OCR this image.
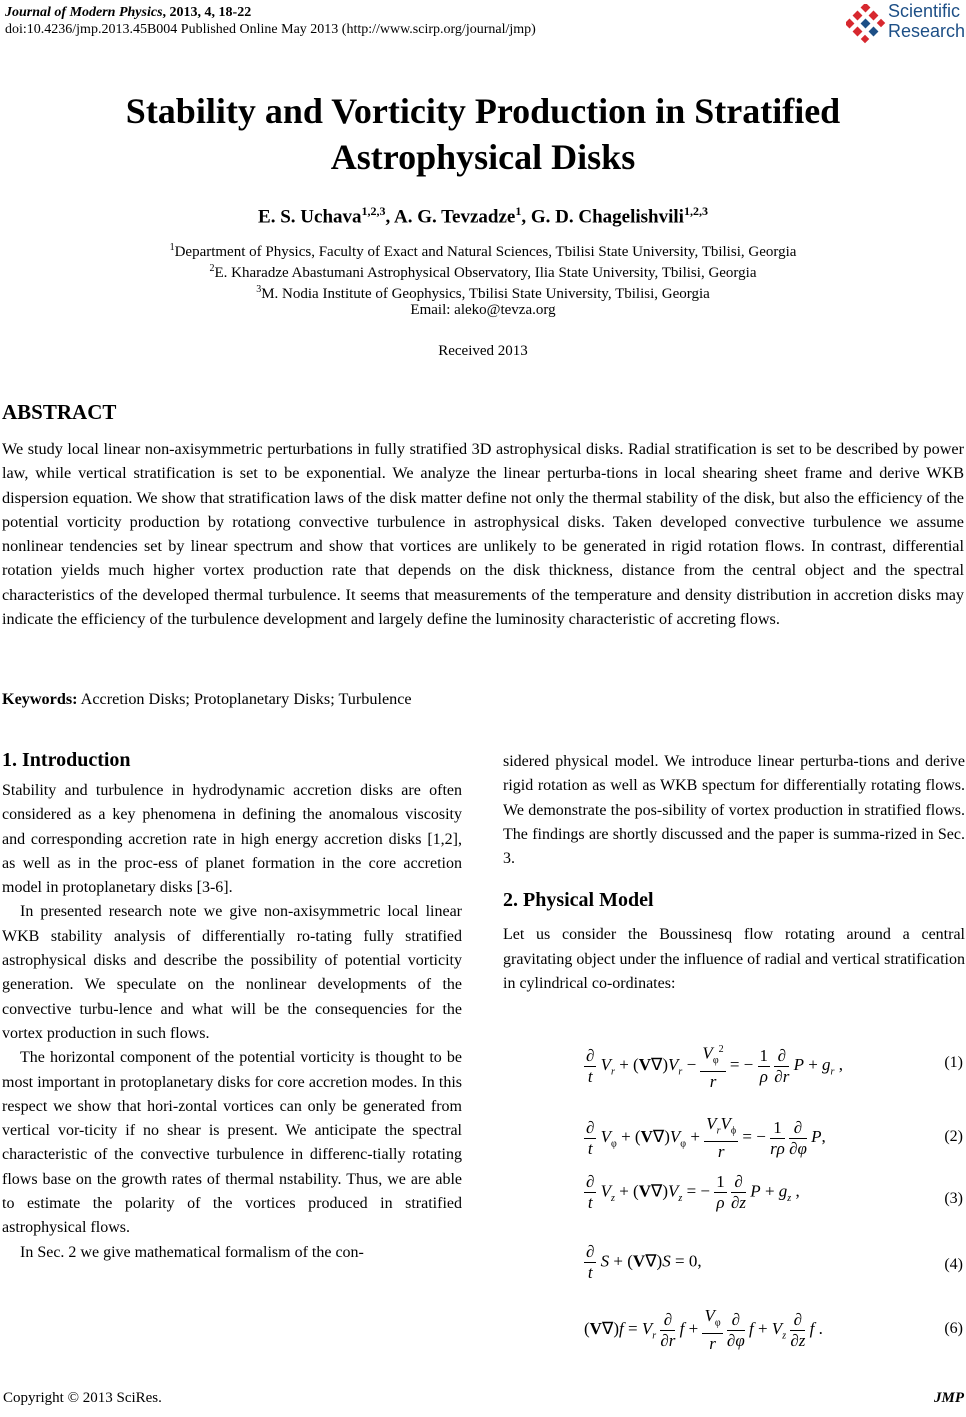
Journal of Modern Physics, 2013, 4, 18-22
doi:10.4236/jmp.2013.45B004 Published Online May 2013 (http://www.scirp.org/journal/jmp)
Scientific
Research
Stability and Vorticity Production in Stratified Astrophysical Disks
E. S. Uchava$^{1,2,3}$, A. G. Tevzadze$^1$, G. D. Chagelishvili$^{1,2,3}$
$^1$Department of Physics, Faculty of Exact and Natural Sciences, Tbilisi State University, Tbilisi, Georgia
$^2$E. Kharadze Abastumani Astrophysical Observatory, Ilia State University, Tbilisi, Georgia
$^3$M. Nodia Institute of Geophysics, Tbilisi State University, Tbilisi, Georgia
Email: aleko@tevza.org
Received 2013
ABSTRACT

We study local linear non-axisymmetric perturbations in fully stratified 3D astrophysical disks. Radial stratification is set to be described by power law, while vertical stratification is set to be exponential. We analyze the linear perturba-tions in local shearing sheet frame and derive WKB dispersion equation. We show that stratification laws of the disk matter define not only the thermal stability of the disk, but also the efficiency of the potential vorticity production by rotationg convective turbulence in astrophysical disks. Taken developed convective turbulence we assume nonlinear tendencies set by linear spectrum and show that vortices are unlikely to be generated in rigid rotation flows. In contrast, differential rotation yields much higher vortex production rate that depends on the disk thickness, distance from the central object and the spectral characteristics of the developed thermal turbulence. It seems that measurements of the temperature and density distribution in accretion disks may indicate the efficiency of the turbulence development and largely define the luminosity characteristic of accreting flows.

Keywords: Accretion Disks; Protoplanetary Disks; Turbulence
1. Introduction

Stability and turbulence in hydrodynamic accretion disks are often considered as a key phenomena in defining the anomalous viscosity and corresponding accretion rate in high energy accretion disks [1,2], as well as in the proc-ess of planet formation in the core accretion model in protoplanetary disks [3-6].

In presented research note we give non-axisymmetric local linear WKB stability analysis of differentially ro-tating fully stratified astrophysical disks and describe the possibility of potential vorticity generation. We speculate on the nonlinear developments of the convective turbu-lence and what will be the consequencies for the vortex production in such flows.

The horizontal component of the potential vorticity is thought to be most important in protoplanetary disks for core accretion modes. In this respect we show that hori-zontal vortices can only be generated from vertical vor-ticity if no shear is present. We anticipate the spectral characteristic of the convective turbulence in differenc-tially rotating flows base on the growth rates of thermal nstability. Thus, we are able to estimate the polarity of the vortices produced in stratified astrophysical flows.

In Sec. 2 we give mathematical formalism of the con-

sidered physical model. We introduce linear perturba-tions and derive rigid rotation as well as WKB spectum for differentially rotating flows. We demonstrate the pos-sibility of vortex production in stratified flows. The findings are shortly discussed and the paper is summa-rized in Sec. 3.

2. Physical Model

Let us consider the Boussinesq flow rotating around a central gravitating object under the influence of radial and vertical stratification in cylindrical co-ordinates:

$\frac{\partial}{t} V_r + (V\nabla)V_r - \frac{V_\varphi^2}{r}$ = − $\frac{1}{\rho}$
$\frac{\partial}{\partial r}$ $P + g_r$ ,	(1)
$\frac{\partial}{t} V_\varphi + (V\nabla)V_\varphi + \frac{V_rV_\phi}{r}$ = − $\frac{1}{r\rho}$
$\frac{\partial}{\partial\varphi} P$,	(2)
$\frac{\partial}{t} V_z + (V\nabla)V_z$ = − $\frac{1}{\rho}$
$\frac{\partial}{\partial z}$ $P + g_z$ ,	(3)
$\frac{\partial}{t}$ S + (V∇)S = 0,	(4)
$(V\nabla)f = V_r \frac{\partial}{\partial r}$ $f + \frac{V_\varphi}{r}$
$\frac{\partial}{\partial\varphi}$ $f + V_z \frac{\partial}{\partial z}$ f .	(6)
Copyright © 2013 SciRes.	JMP
